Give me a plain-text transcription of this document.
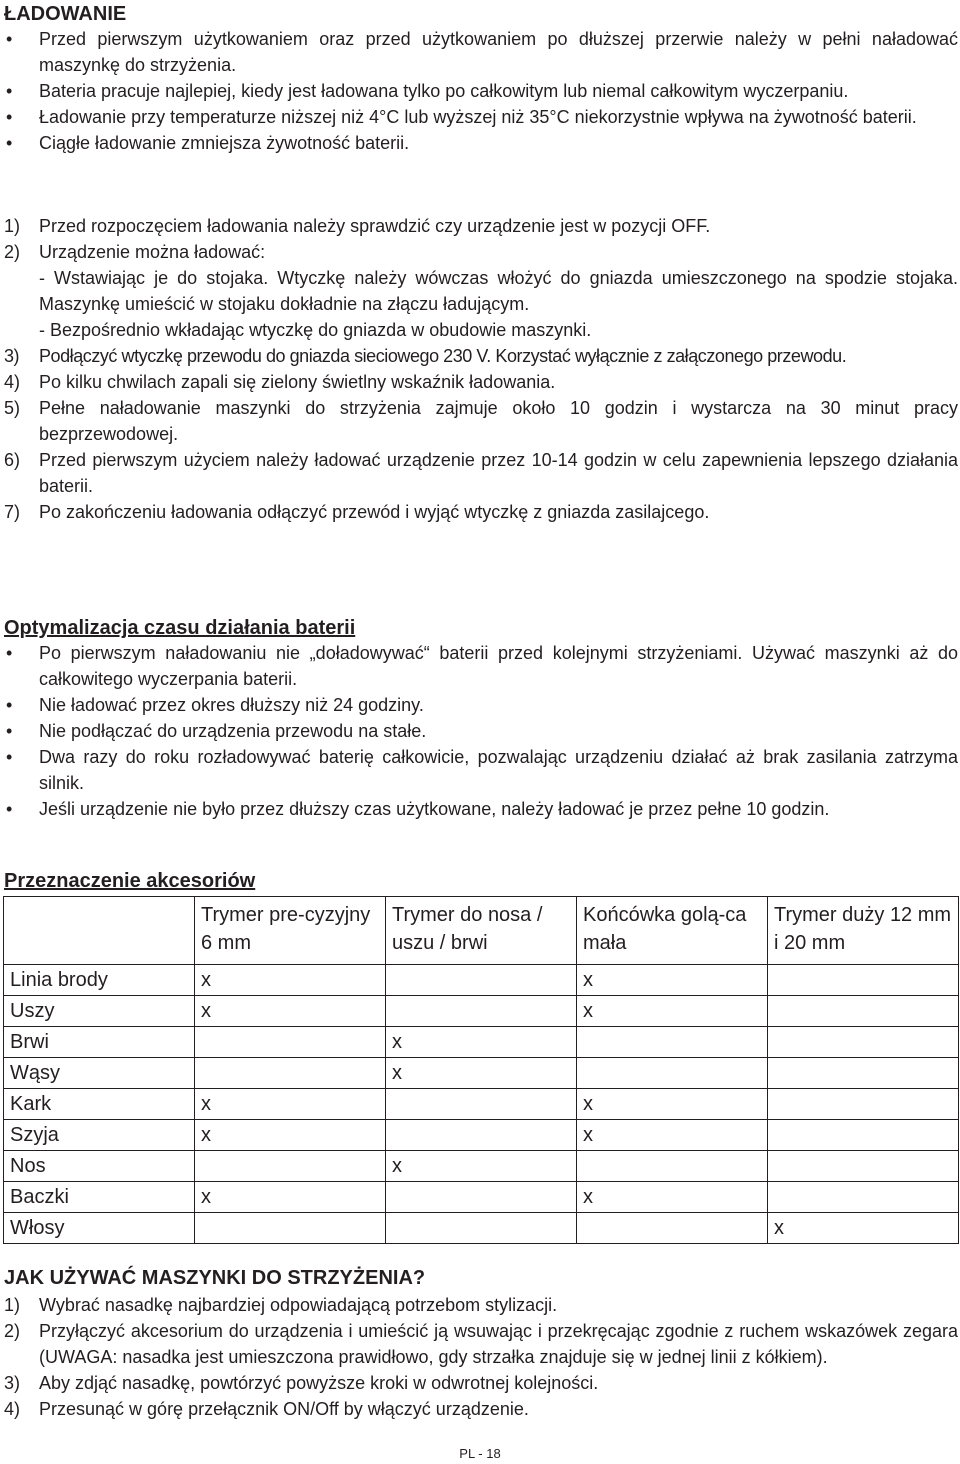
ŁADOWANIE
• Przed pierwszym użytkowaniem oraz przed użytkowaniem po dłuższej przerwie należy w pełni naładować maszynkę do strzyżenia.
• Bateria pracuje najlepiej, kiedy jest ładowana tylko po całkowitym lub niemal całkowitym wyczerpaniu.
• Ładowanie przy temperaturze niższej niż 4°C lub wyższej niż 35°C niekorzystnie wpływa na żywotność baterii.
• Ciągłe ładowanie zmniejsza żywotność baterii.
1) Przed rozpoczęciem ładowania należy sprawdzić czy urządzenie jest w pozycji OFF.
2) Urządzenie można ładować:
- Wstawiając je do stojaka. Wtyczkę należy wówczas włożyć do gniazda umieszczonego na spodzie stojaka. Maszynkę umieścić w stojaku dokładnie na złączu ładującym.
- Bezpośrednio wkładając wtyczkę do gniazda w obudowie maszynki.
3) Podłączyć wtyczkę przewodu do gniazda sieciowego 230 V. Korzystać wyłącznie z załączonego przewodu.
4) Po kilku chwilach zapali się zielony świetlny wskaźnik ładowania.
5) Pełne naładowanie maszynki do strzyżenia zajmuje około 10 godzin i wystarcza na 30 minut pracy bezprzewodowej.
6) Przed pierwszym użyciem należy ładować urządzenie przez 10-14 godzin w celu zapewnienia lepszego działania baterii.
7) Po zakończeniu ładowania odłączyć przewód i wyjąć wtyczkę z gniazda zasilajcego.
Optymalizacja czasu działania baterii
• Po pierwszym naładowaniu nie „doładowywać“ baterii przed kolejnymi strzyżeniami. Używać maszynki aż do całkowitego wyczerpania baterii.
• Nie ładować przez okres dłuższy niż 24 godziny.
• Nie podłączać do urządzenia przewodu na stałe.
• Dwa razy do roku rozładowywać baterię całkowicie, pozwalając urządzeniu działać aż brak zasilania zatrzyma silnik.
• Jeśli urządzenie nie było przez dłuższy czas użytkowane, należy ładować je przez pełne 10 godzin.
Przeznaczenie akcesoriów
	Trymer pre-cyzyjny 6 mm	Trymer do nosa / uszu / brwi	Końcówka golą-ca mała	Trymer duży 12 mm i 20 mm
Linia brody	x		x	
Uszy	x		x	
Brwi		x		
Wąsy		x		
Kark	x		x	
Szyja	x		x	
Nos		x		
Baczki	x		x	
Włosy				x
JAK UŻYWAĆ MASZYNKI DO STRZYŻENIA?
1) Wybrać nasadkę najbardziej odpowiadającą potrzebom stylizacji.
2) Przyłączyć akcesorium do urządzenia i umieścić ją wsuwając i przekręcając zgodnie z ruchem wskazówek zegara (UWAGA: nasadka jest umieszczona prawidłowo, gdy strzałka znajduje się w jednej linii z kółkiem).
3) Aby zdjąć nasadkę, powtórzyć powyższe kroki w odwrotnej kolejności.
4) Przesunąć w górę przełącznik ON/Off by włączyć urządzenie.
PL - 18
